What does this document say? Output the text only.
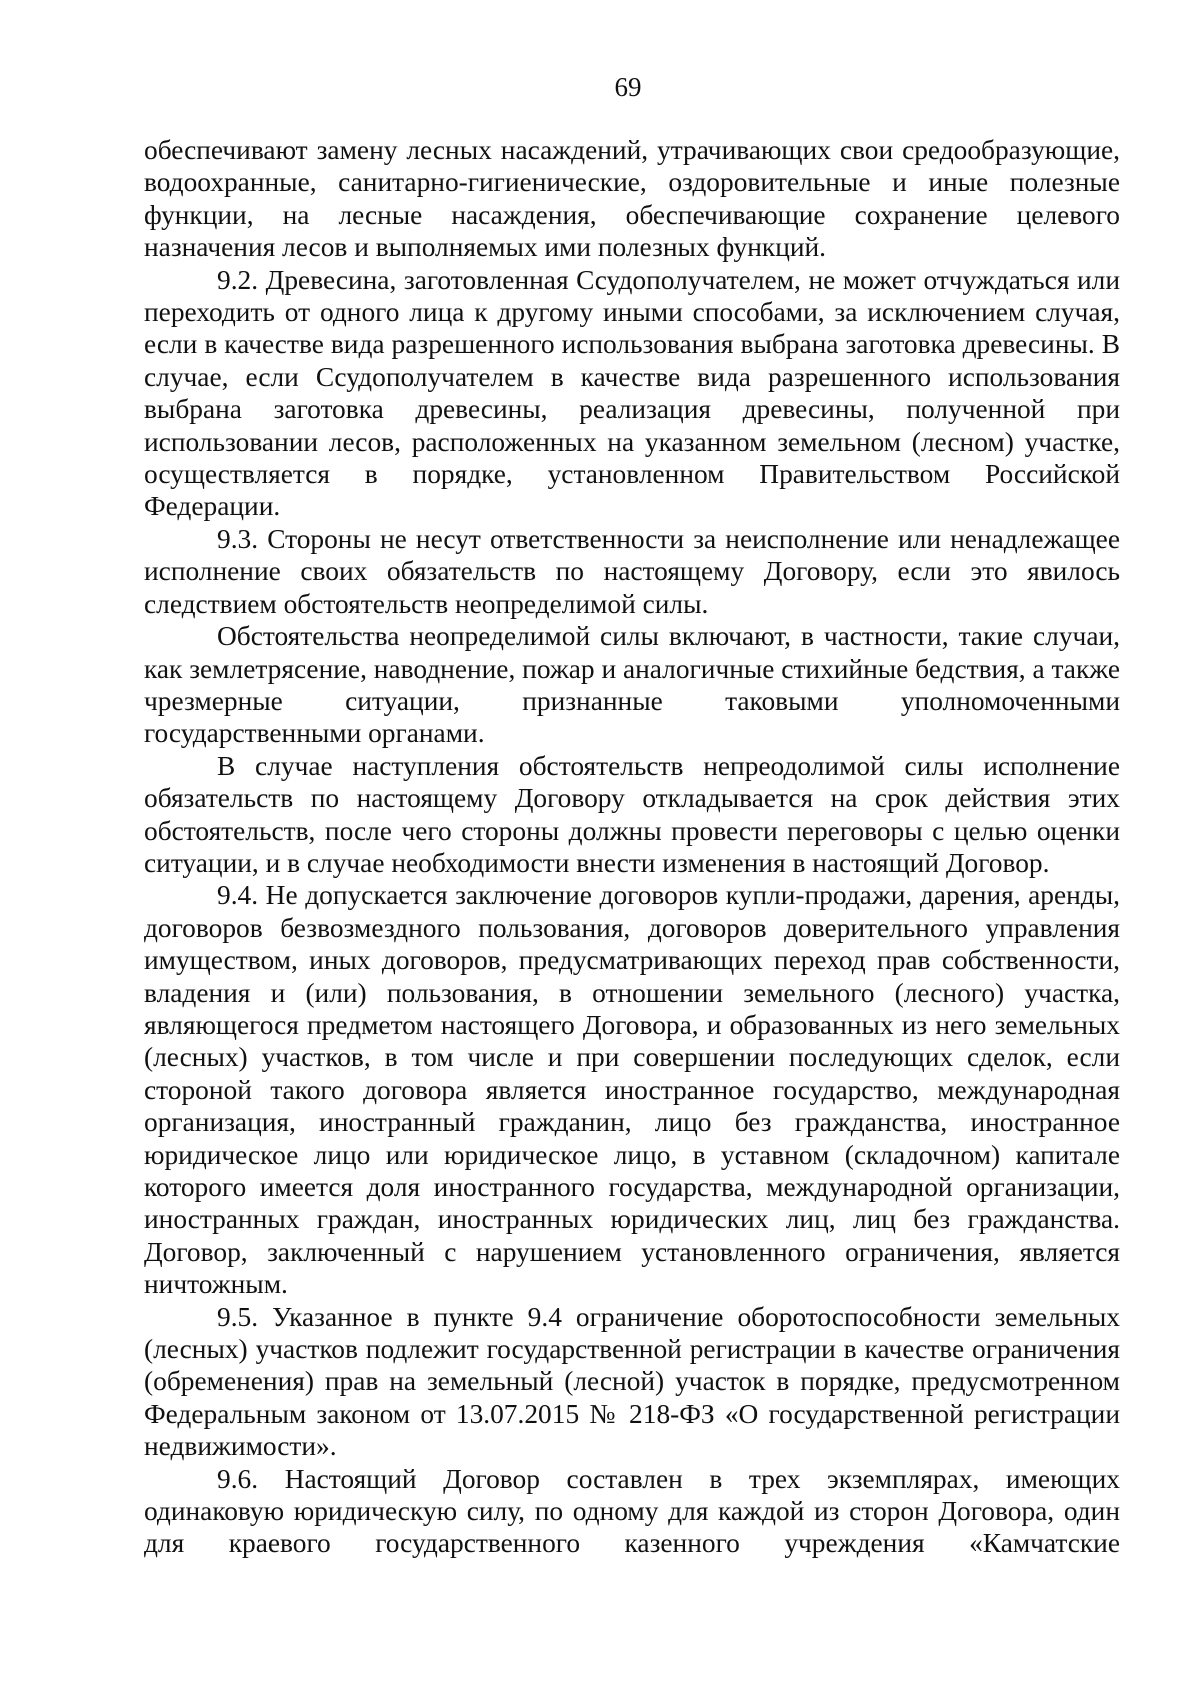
69

обеспечивают замену лесных насаждений, утрачивающих свои средообразующие, водоохранные, санитарно-гигиенические, оздоровительные и иные полезные функции, на лесные насаждения, обеспечивающие сохранение целевого назначения лесов и выполняемых ими полезных функций.

9.2. Древесина, заготовленная Ссудополучателем, не может отчуждаться или переходить от одного лица к другому иными способами, за исключением случая, если в качестве вида разрешенного использования выбрана заготовка древесины. В случае, если Ссудополучателем в качестве вида разрешенного использования выбрана заготовка древесины, реализация древесины, полученной при использовании лесов, расположенных на указанном земельном (лесном) участке, осуществляется в порядке, установленном Правительством Российской Федерации.

9.3. Стороны не несут ответственности за неисполнение или ненадлежащее исполнение своих обязательств по настоящему Договору, если это явилось следствием обстоятельств неопределимой силы.

Обстоятельства неопределимой силы включают, в частности, такие случаи, как землетрясение, наводнение, пожар и аналогичные стихийные бедствия, а также чрезмерные ситуации, признанные таковыми уполномоченными государственными органами.

В случае наступления обстоятельств непреодолимой силы исполнение обязательств по настоящему Договору откладывается на срок действия этих обстоятельств, после чего стороны должны провести переговоры с целью оценки ситуации, и в случае необходимости внести изменения в настоящий Договор.

9.4. Не допускается заключение договоров купли-продажи, дарения, аренды, договоров безвозмездного пользования, договоров доверительного управления имуществом, иных договоров, предусматривающих переход прав собственности, владения и (или) пользования, в отношении земельного (лесного) участка, являющегося предметом настоящего Договора, и образованных из него земельных (лесных) участков, в том числе и при совершении последующих сделок, если стороной такого договора является иностранное государство, международная организация, иностранный гражданин, лицо без гражданства, иностранное юридическое лицо или юридическое лицо, в уставном (складочном) капитале которого имеется доля иностранного государства, международной организации, иностранных граждан, иностранных юридических лиц, лиц без гражданства. Договор, заключенный с нарушением установленного ограничения, является ничтожным.

9.5. Указанное в пункте 9.4 ограничение оборотоспособности земельных (лесных) участков подлежит государственной регистрации в качестве ограничения (обременения) прав на земельный (лесной) участок в порядке, предусмотренном Федеральным законом от 13.07.2015 № 218-ФЗ «О государственной регистрации недвижимости».

9.6. Настоящий Договор составлен в трех экземплярах, имеющих одинаковую юридическую силу, по одному для каждой из сторон Договора, один для краевого государственного казенного учреждения «Камчатские
